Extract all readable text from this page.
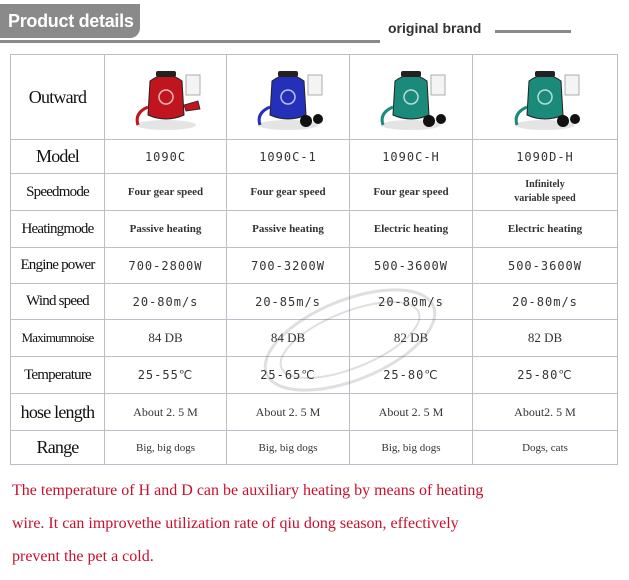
Product details	original brand
Outward	

Model	1090C	1090C-1	1090C-H	1090D-H
Speedmode	Four gear speed	Four gear speed	Four gear speed	Infinitely
variable speed
Heatingmode	Passive heating	Passive heating	Electric heating	Electric heating
Engine power	700-2800W	700-3200W	500-3600W	500-3600W
Wind speed	20-80m/s	20-85m/s	20-80m/s	20-80m/s
Maximumnoise	84 DB	84 DB	82 DB	82 DB
Temperature	25-55℃	25-65℃	25-80℃	25-80℃
hose length	About 2. 5 M	About 2. 5 M	About 2. 5 M	About2. 5 M
Range	Big, big dogs	Big, big dogs	Big, big dogs	Dogs, cats
The temperature of H and D can be auxiliary heating by means of heating
wire. It can improvethe utilization rate of qiu dong season, effectively
prevent the pet a cold.
